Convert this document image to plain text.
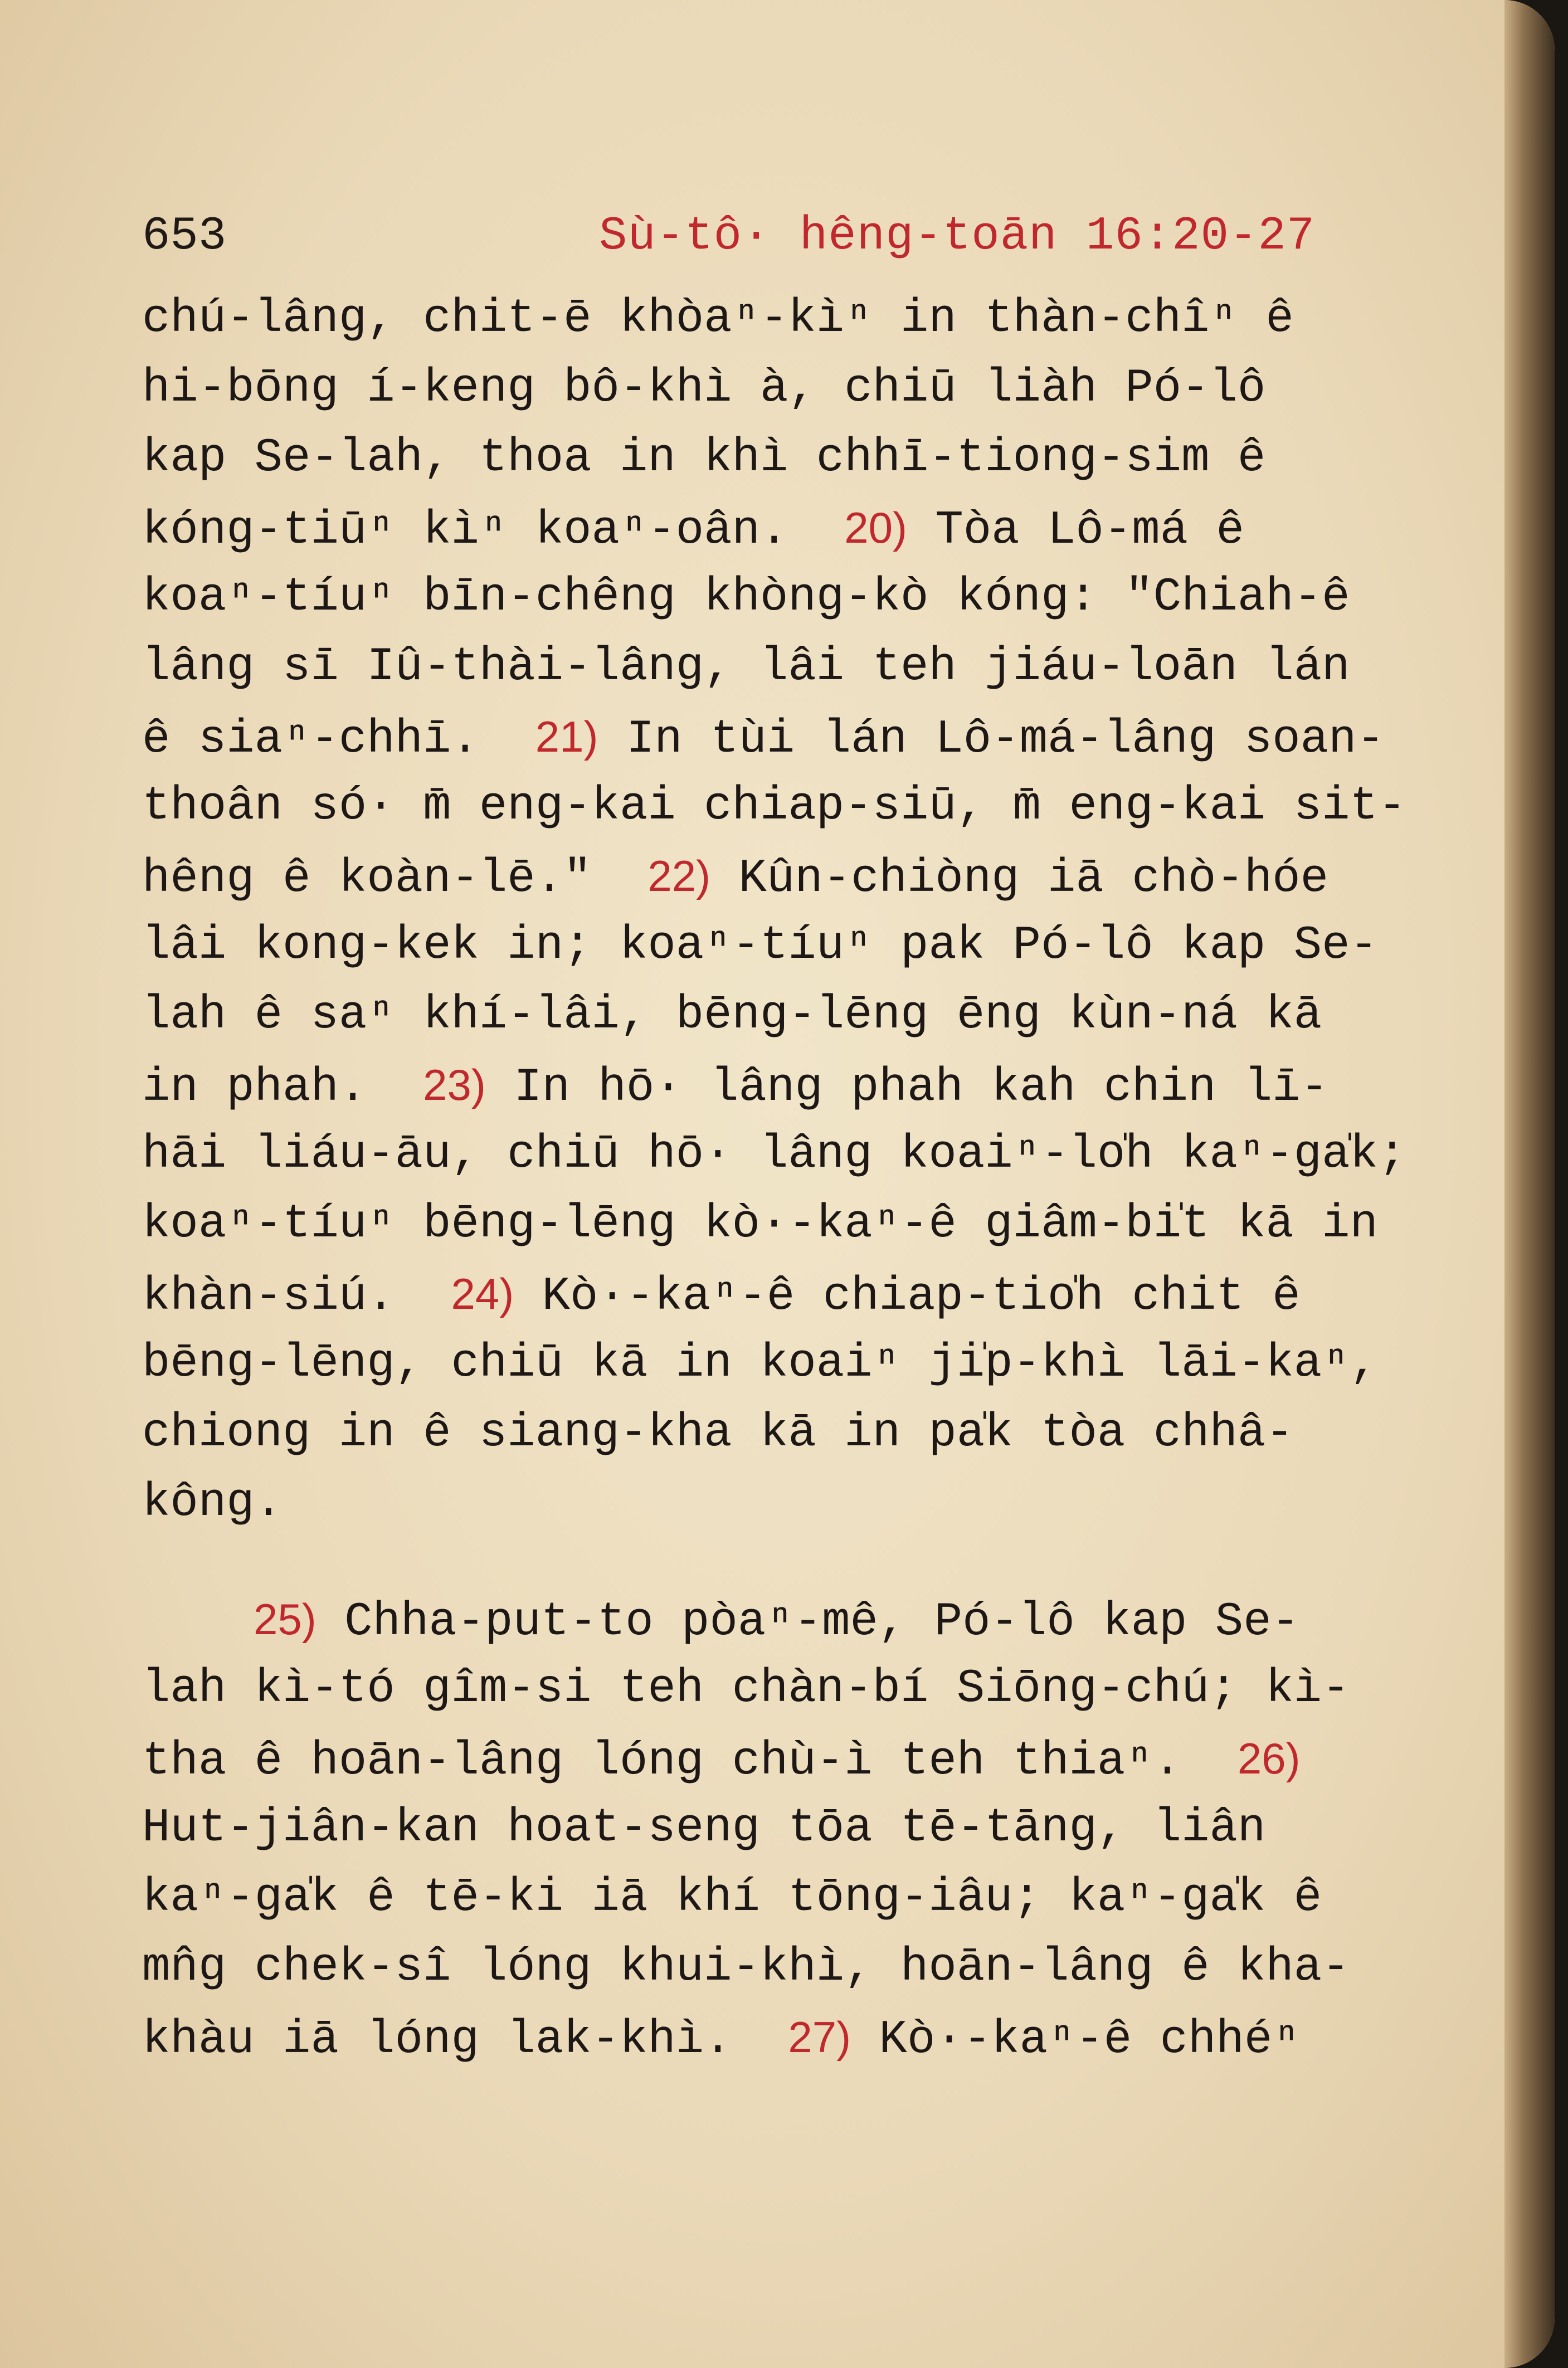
653

	Sù-tô· hêng-toān 16:20-27

chú-lâng, chit-ē khòaⁿ-kìⁿ in thàn-chîⁿ ê
hi-bōng í-keng bô-khì à, chiū liàh Pó-lô
kap Se-lah, thoa in khì chhī-tiong-sim ê
kóng-tiūⁿ kìⁿ koaⁿ-oân.  20) Tòa Lô-má ê
koaⁿ-tíuⁿ bīn-chêng khòng-kò kóng: "Chiah-ê
lâng sī Iû-thài-lâng, lâi teh jiáu-loān lán
ê siaⁿ-chhī.  21) In tùi lán Lô-má-lâng soan-
thoân só· m̄ eng-kai chiap-siū, m̄ eng-kai sit-
hêng ê koàn-lē."  22) Kûn-chiòng iā chò-hóe
lâi kong-kek in; koaⁿ-tíuⁿ pak Pó-lô kap Se-
lah ê saⁿ khí-lâi, bēng-lēng ēng kùn-ná kā
in phah.  23) In hō· lâng phah kah chin lī-
hāi liáu-āu, chiū hō· lâng koaiⁿ-lo̍h kaⁿ-ga̍k;
koaⁿ-tíuⁿ bēng-lēng kò·-kaⁿ-ê giâm-bi̍t kā in
khàn-siú.  24) Kò·-kaⁿ-ê chiap-tio̍h chit ê
bēng-lēng, chiū kā in koaiⁿ ji̍p-khì lāi-kaⁿ,
chiong in ê siang-kha kā in pa̍k tòa chhâ-
kông.
25) Chha-put-to pòaⁿ-mê, Pó-lô kap Se-
lah kì-tó gîm-si teh chàn-bí Siōng-chú; kì-
tha ê hoān-lâng lóng chù-ì teh thiaⁿ.  26)
Hut-jiân-kan hoat-seng tōa tē-tāng, liân
kaⁿ-ga̍k ê tē-ki iā khí tōng-iâu; kaⁿ-ga̍k ê
mn̂g chek-sî lóng khui-khì, hoān-lâng ê kha-
khàu iā lóng lak-khì.  27) Kò·-kaⁿ-ê chhéⁿ
